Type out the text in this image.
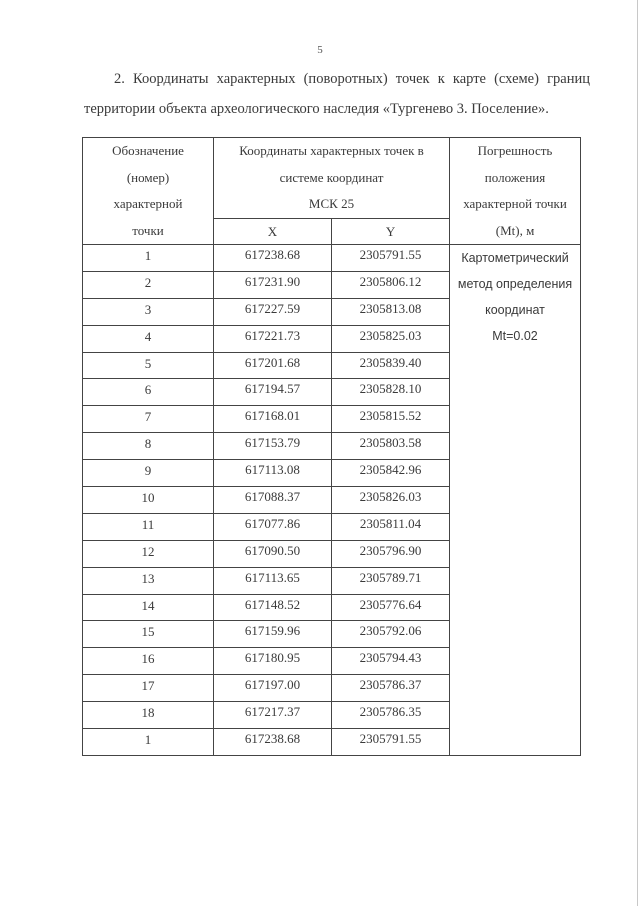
5

2. Координаты характерных (поворотных) точек к карте (схеме) границ территории объекта археологического наследия «Тургенево 3. Поселение».

Обозначение
(номер)
характерной
точки	Координаты характерных точек в
системе координат
МСК 25		Погрешность
положения
характерной точки
(Mt), м

	X	Y	
1	617238.68	2305791.55	Картометрический
метод определения
координат
Mt=0.02

2	617231.90	2305806.12	
3	617227.59	2305813.08	
4	617221.73	2305825.03	
5	617201.68	2305839.40	
6	617194.57	2305828.10	
7	617168.01	2305815.52	
8	617153.79	2305803.58	
9	617113.08	2305842.96	
10	617088.37	2305826.03	
11	617077.86	2305811.04	
12	617090.50	2305796.90	
13	617113.65	2305789.71	
14	617148.52	2305776.64	
15	617159.96	2305792.06	
16	617180.95	2305794.43	
17	617197.00	2305786.37	
18	617217.37	2305786.35	
1	617238.68	2305791.55	
